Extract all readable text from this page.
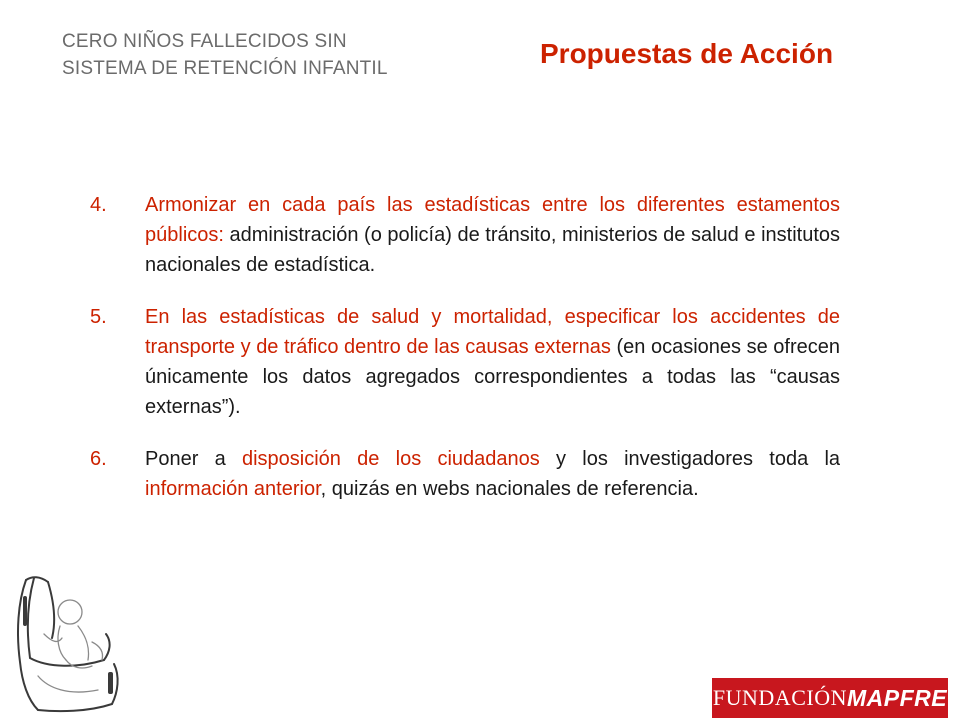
CERO NIÑOS FALLECIDOS SIN
SISTEMA DE RETENCIÓN INFANTIL	Propuestas de Acción
4.	Armonizar en cada país las estadísticas entre los diferentes estamentos públicos: administración (o policía) de tránsito, ministerios de salud e institutos nacionales de estadística.
5.	En las estadísticas de salud y mortalidad, especificar los accidentes de transporte y de tráfico dentro de las causas externas (en ocasiones se ofrecen únicamente los datos agregados correspondientes a todas las “causas externas”).
6.	Poner a disposición de los ciudadanos y los investigadores toda la información anterior, quizás en webs nacionales de referencia.
FUNDACIÓN MAPFRE
